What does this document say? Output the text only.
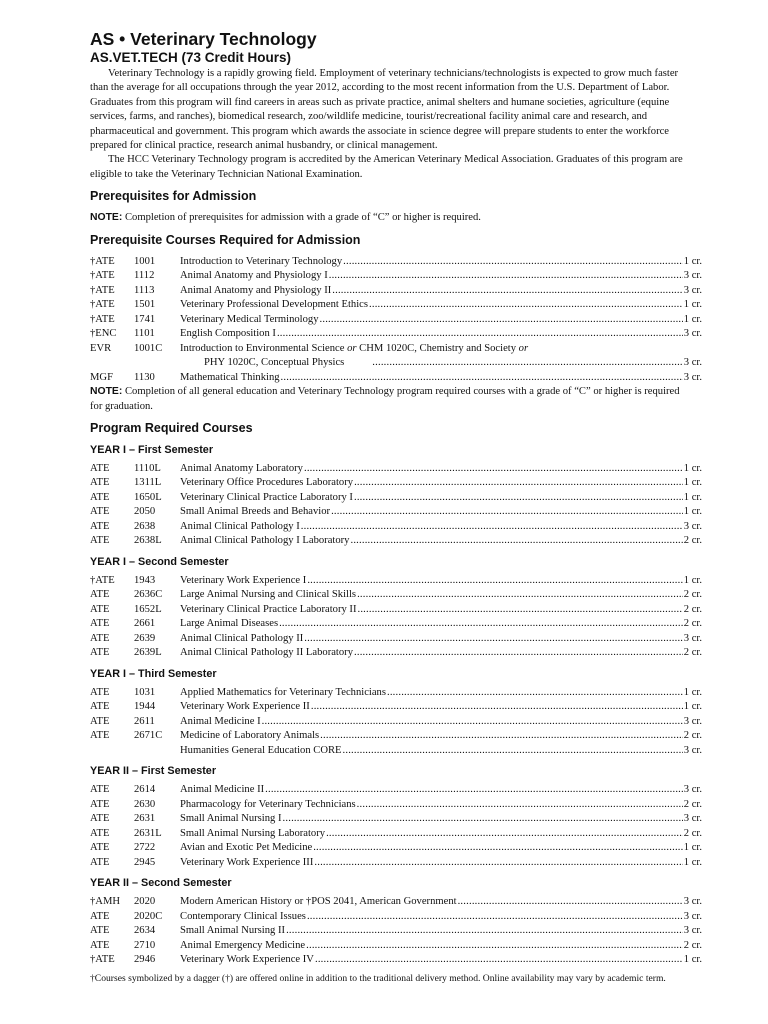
AS • Veterinary Technology
AS.VET.TECH (73 Credit Hours)

Veterinary Technology is a rapidly growing field. Employment of veterinary technicians/technologists is expected to grow much faster than the average for all occupations through the year 2012, according to the most recent information from the U.S. Department of Labor. Graduates from this program will find careers in areas such as private practice, animal shelters and humane societies, agriculture (equine services, farms, and ranches), biomedical research, zoo/wildlife medicine, tourist/recreational facility animal care and research, and pharmaceutical and government. This program which awards the associate in science degree will prepare students to enter the workforce prepared for clinical practice, research animal husbandry, or clinical management.

The HCC Veterinary Technology program is accredited by the American Veterinary Medical Association. Graduates of this program are eligible to take the Veterinary Technician National Examination.

Prerequisites for Admission

NOTE: Completion of prerequisites for admission with a grade of “C” or higher is required.

Prerequisite Courses Required for Admission
†ATE	1001	Introduction to Veterinary Technology .....	1 cr.
†ATE	1112	Animal Anatomy and Physiology I .....	3 cr.
†ATE	1113	Animal Anatomy and Physiology II .....	3 cr.
†ATE	1501	Veterinary Professional Development Ethics .....	1 cr.
†ATE	1741	Veterinary Medical Terminology .....	1 cr.
†ENC	1101	English Composition I .....	3 cr.
EVR	1001C	Introduction to Environmental Science or CHM 1020C, Chemistry and Society or
PHY 1020C, Conceptual Physics .....	3 cr.
MGF	1130	Mathematical Thinking .....	3 cr.

NOTE: Completion of all general education and Veterinary Technology program required courses with a grade of “C” or higher is required for graduation.

Program Required Courses
YEAR I – First Semester
ATE	1110L	Animal Anatomy Laboratory .....	1 cr.
ATE	1311L	Veterinary Office Procedures Laboratory .....	1 cr.
ATE	1650L	Veterinary Clinical Practice Laboratory I .....	1 cr.
ATE	2050	Small Animal Breeds and Behavior .....	1 cr.
ATE	2638	Animal Clinical Pathology I .....	3 cr.
ATE	2638L	Animal Clinical Pathology I Laboratory .....	2 cr.
YEAR I – Second Semester
†ATE	1943	Veterinary Work Experience I .....	1 cr.
ATE	2636C	Large Animal Nursing and Clinical Skills .....	2 cr.
ATE	1652L	Veterinary Clinical Practice Laboratory II .....	2 cr.
ATE	2661	Large Animal Diseases .....	2 cr.
ATE	2639	Animal Clinical Pathology II .....	3 cr.
ATE	2639L	Animal Clinical Pathology II Laboratory .....	2 cr.
YEAR I – Third Semester
ATE	1031	Applied Mathematics for Veterinary Technicians .....	1 cr.
ATE	1944	Veterinary Work Experience II .....	1 cr.
ATE	2611	Animal Medicine I .....	3 cr.
ATE	2671C	Medicine of Laboratory Animals .....	2 cr.
Humanities General Education CORE .....	3 cr.
YEAR II – First Semester
ATE	2614	Animal Medicine II .....	3 cr.
ATE	2630	Pharmacology for Veterinary Technicians .....	2 cr.
ATE	2631	Small Animal Nursing I .....	3 cr.
ATE	2631L	Small Animal Nursing Laboratory .....	2 cr.
ATE	2722	Avian and Exotic Pet Medicine .....	1 cr.
ATE	2945	Veterinary Work Experience III .....	1 cr.
YEAR II – Second Semester
†AMH	2020	Modern American History or †POS 2041, American Government .....	3 cr.
ATE	2020C	Contemporary Clinical Issues .....	3 cr.
ATE	2634	Small Animal Nursing II .....	3 cr.
ATE	2710	Animal Emergency Medicine .....	2 cr.
†ATE	2946	Veterinary Work Experience IV .....	1 cr.

†Courses symbolized by a dagger (†) are offered online in addition to the traditional delivery method. Online availability may vary by academic term.
